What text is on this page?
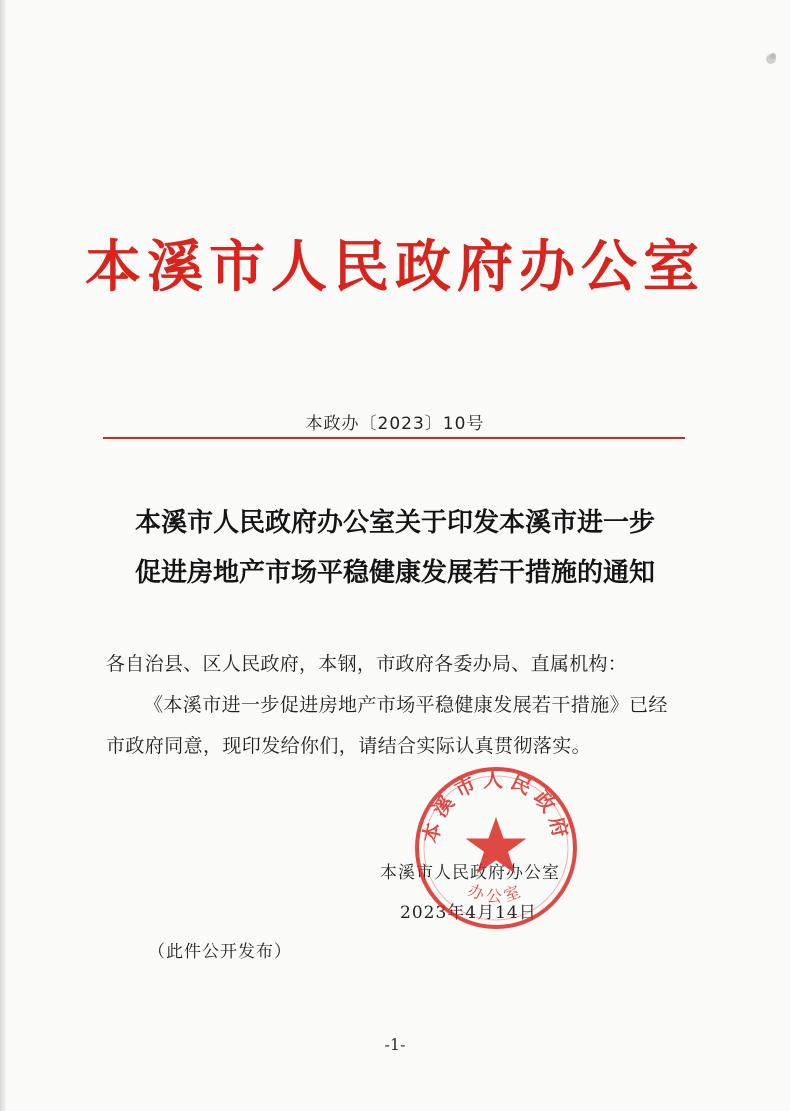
本溪市人民政府办公室
本政办〔2023〕10号
本溪市人民政府办公室关于印发本溪市进一步
促进房地产市场平稳健康发展若干措施的通知
各自治县、区人民政府，本钢，市政府各委办局、直属机构：
《本溪市进一步促进房地产市场平稳健康发展若干措施》已经
市政府同意，现印发给你们，请结合实际认真贯彻落实。
本溪市人民政府办公室
2023年4月14日
本溪市人民政府
办公室
（此件公开发布）
-1-
